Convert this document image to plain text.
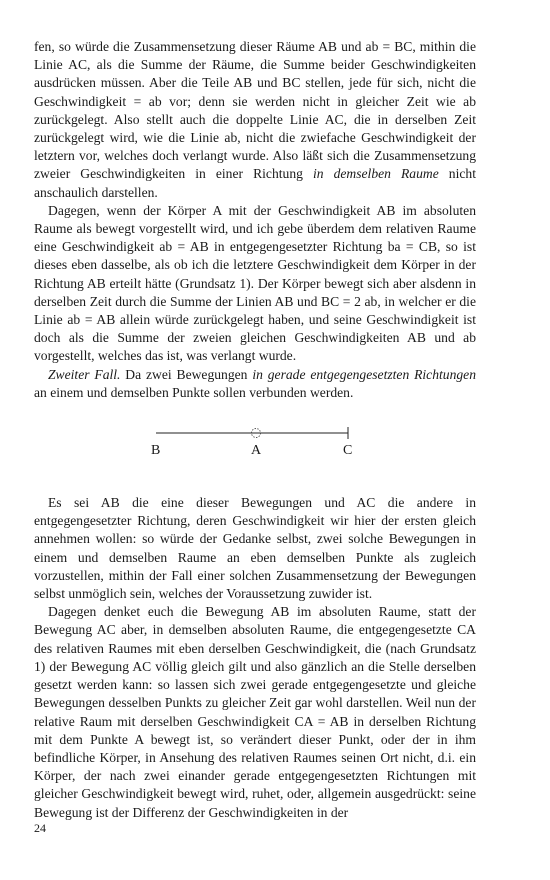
fen, so würde die Zusammensetzung dieser Räume AB und ab = BC, mithin die Linie AC, als die Summe der Räume, die Summe beider Geschwindigkeiten ausdrücken müssen. Aber die Teile AB und BC stellen, jede für sich, nicht die Geschwindigkeit = ab vor; denn sie werden nicht in gleicher Zeit wie ab zurückgelegt. Also stellt auch die doppelte Linie AC, die in derselben Zeit zurückgelegt wird, wie die Linie ab, nicht die zwiefache Geschwindigkeit der letztern vor, welches doch verlangt wurde. Also läßt sich die Zusammensetzung zweier Geschwindigkeiten in einer Richtung in demselben Raume nicht anschaulich darstellen.

Dagegen, wenn der Körper A mit der Geschwindigkeit AB im absoluten Raume als bewegt vorgestellt wird, und ich gebe überdem dem relativen Raume eine Geschwindigkeit ab = AB in entgegengesetzter Richtung ba = CB, so ist dieses eben dasselbe, als ob ich die letztere Geschwindigkeit dem Körper in der Richtung AB erteilt hätte (Grundsatz 1). Der Körper bewegt sich aber alsdenn in derselben Zeit durch die Summe der Linien AB und BC = 2 ab, in welcher er die Linie ab = AB allein würde zurückgelegt haben, und seine Geschwindigkeit ist doch als die Summe der zweien gleichen Geschwindigkeiten AB und ab vorgestellt, welches das ist, was verlangt wurde.

Zweiter Fall. Da zwei Bewegungen in gerade entgegengesetzten Richtungen an einem und demselben Punkte sollen verbunden werden.

B	A	C

Es sei AB die eine dieser Bewegungen und AC die andere in entgegengesetzter Richtung, deren Geschwindigkeit wir hier der ersten gleich annehmen wollen: so würde der Gedanke selbst, zwei solche Bewegungen in einem und demselben Raume an eben demselben Punkte als zugleich vorzustellen, mithin der Fall einer solchen Zusammensetzung der Bewegungen selbst unmöglich sein, welches der Voraussetzung zuwider ist.

Dagegen denket euch die Bewegung AB im absoluten Raume, statt der Bewegung AC aber, in demselben absoluten Raume, die entgegengesetzte CA des relativen Raumes mit eben derselben Geschwindigkeit, die (nach Grundsatz 1) der Bewegung AC völlig gleich gilt und also gänzlich an die Stelle derselben gesetzt werden kann: so lassen sich zwei gerade entgegengesetzte und gleiche Bewegungen desselben Punkts zu gleicher Zeit gar wohl darstellen. Weil nun der relative Raum mit derselben Geschwindigkeit CA = AB in derselben Richtung mit dem Punkte A bewegt ist, so verändert dieser Punkt, oder der in ihm befindliche Körper, in Ansehung des relativen Raumes seinen Ort nicht, d.i. ein Körper, der nach zwei einander gerade entgegengesetzten Richtungen mit gleicher Geschwindigkeit bewegt wird, ruhet, oder, allgemein ausgedrückt: seine Bewegung ist der Differenz der Geschwindigkeiten in der

24
